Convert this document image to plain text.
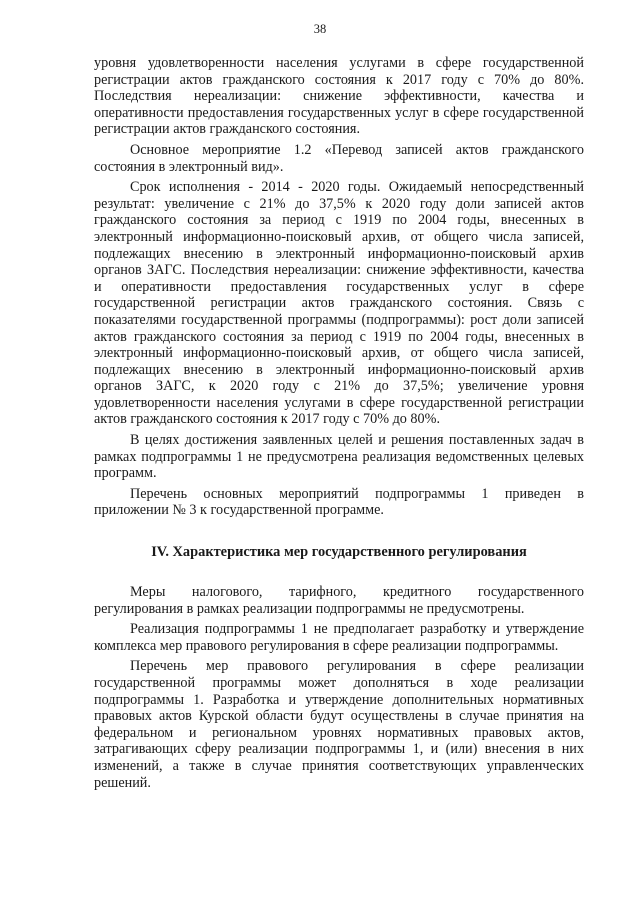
38

уровня удовлетворенности населения услугами в сфере государственной регистрации актов гражданского состояния к 2017 году с 70% до 80%. Последствия нереализации: снижение эффективности, качества и оперативности предоставления государственных услуг в сфере государственной регистрации актов гражданского состояния.

Основное мероприятие 1.2 «Перевод записей актов гражданского состояния в электронный вид».

Срок исполнения - 2014 - 2020 годы. Ожидаемый непосредственный результат: увеличение с 21% до 37,5% к 2020 году доли записей актов гражданского состояния за период с 1919 по 2004 годы, внесенных в электронный информационно-поисковый архив, от общего числа записей, подлежащих внесению в электронный информационно-поисковый архив органов ЗАГС. Последствия нереализации: снижение эффективности, качества и оперативности предоставления государственных услуг в сфере государственной регистрации актов гражданского состояния. Связь с показателями государственной программы (подпрограммы): рост доли записей актов гражданского состояния за период с 1919 по 2004 годы, внесенных в электронный информационно-поисковый архив, от общего числа записей, подлежащих внесению в электронный информационно-поисковый архив органов ЗАГС, к 2020 году с 21% до 37,5%; увеличение уровня удовлетворенности населения услугами в сфере государственной регистрации актов гражданского состояния к 2017 году с 70% до 80%.

В целях достижения заявленных целей и решения поставленных задач в рамках подпрограммы 1 не предусмотрена реализация ведомственных целевых программ.

Перечень основных мероприятий подпрограммы 1 приведен в приложении № 3 к государственной программе.

IV. Характеристика мер государственного регулирования

Меры налогового, тарифного, кредитного государственного регулирования в рамках реализации подпрограммы не предусмотрены.

Реализация подпрограммы 1 не предполагает разработку и утверждение комплекса мер правового регулирования в сфере реализации подпрограммы.

Перечень мер правового регулирования в сфере реализации государственной программы может дополняться в ходе реализации подпрограммы 1. Разработка и утверждение дополнительных нормативных правовых актов Курской области будут осуществлены в случае принятия на федеральном и региональном уровнях нормативных правовых актов, затрагивающих сферу реализации подпрограммы 1, и (или) внесения в них изменений, а также в случае принятия соответствующих управленческих решений.
